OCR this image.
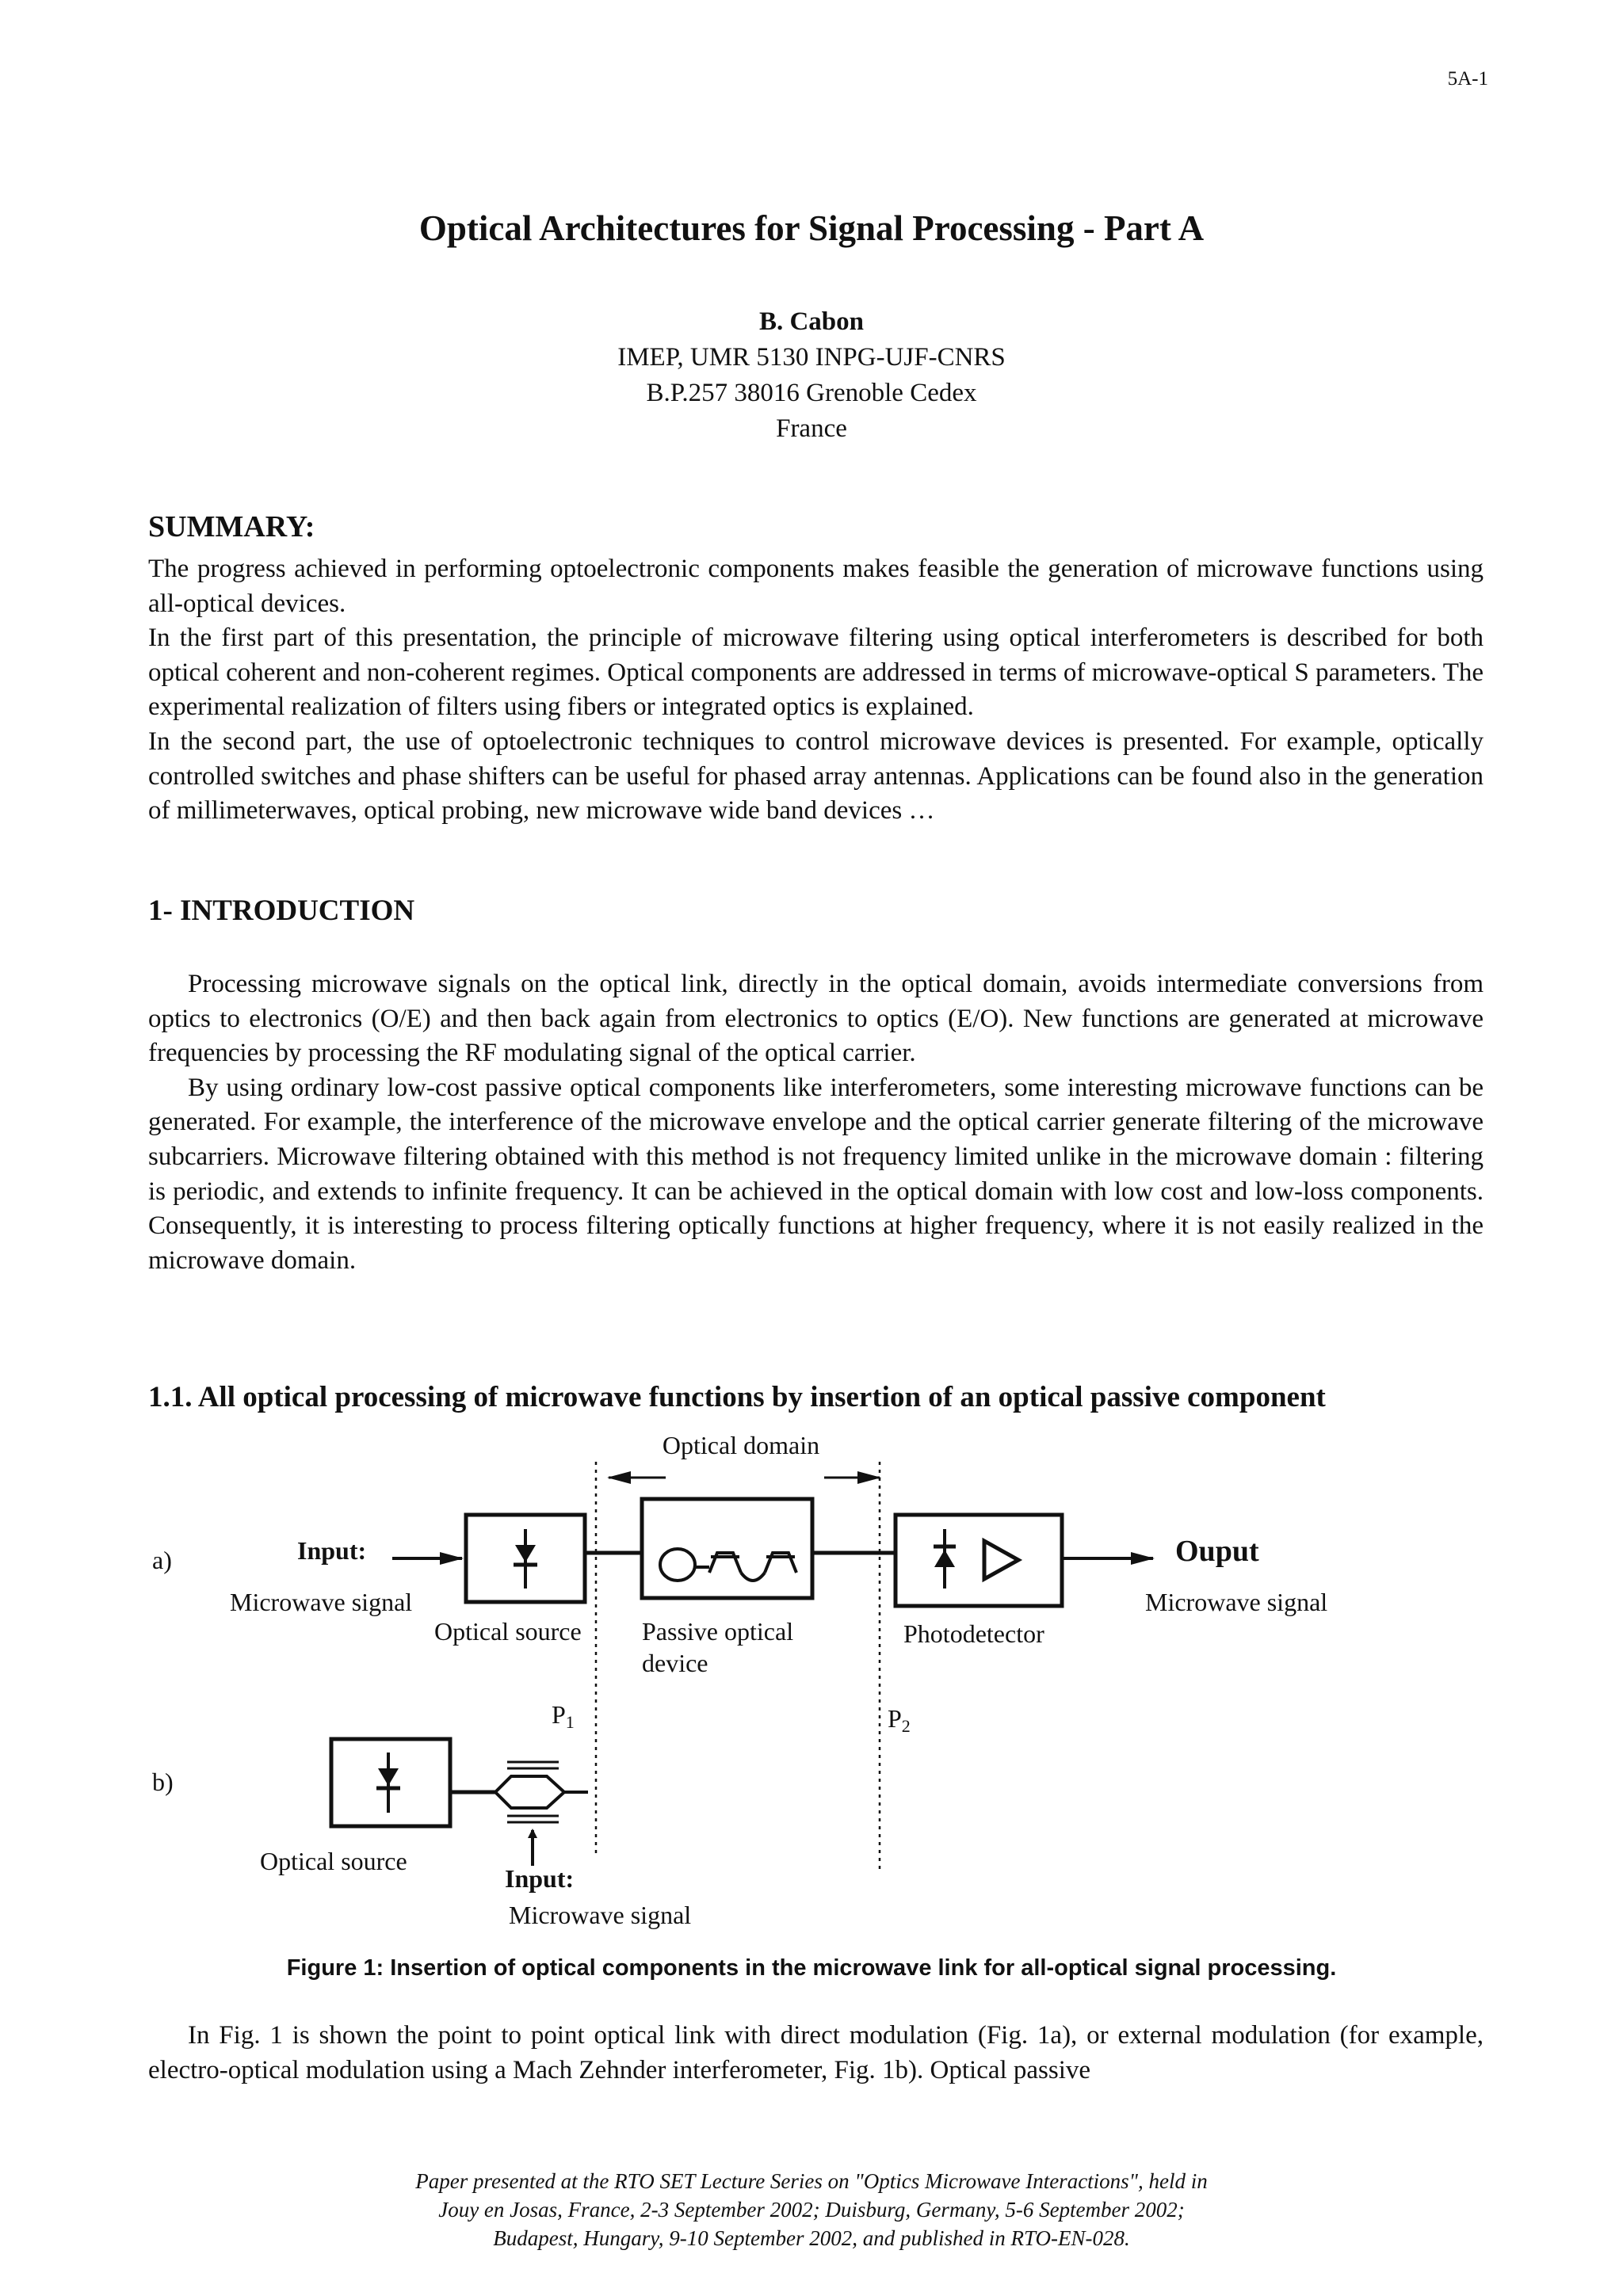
5A-1
Optical Architectures for Signal Processing - Part A
B. Cabon
IMEP, UMR 5130 INPG-UJF-CNRS
B.P.257 38016 Grenoble Cedex
France
SUMMARY:

The progress achieved in performing optoelectronic components makes feasible the generation of microwave functions using all-optical devices.

In the first part of this presentation, the principle of microwave filtering using optical interferometers is described for both optical coherent and non-coherent regimes. Optical components are addressed in terms of microwave-optical S parameters. The experimental realization of filters using fibers or integrated optics is explained.

In the second part, the use of optoelectronic techniques to control microwave devices is presented. For example, optically controlled switches and phase shifters can be useful for phased array antennas. Applications can be found also in the generation of millimeterwaves, optical probing, new microwave wide band devices …

1- INTRODUCTION

Processing microwave signals on the optical link, directly in the optical domain, avoids intermediate conversions from optics to electronics (O/E) and then back again from electronics to optics (E/O). New functions are generated at microwave frequencies by processing the RF modulating signal of the optical carrier.

By using ordinary low-cost passive optical components like interferometers, some interesting microwave functions can be generated. For example, the interference of the microwave envelope and the optical carrier generate filtering of the microwave subcarriers. Microwave filtering obtained with this method is not frequency limited unlike in the microwave domain : filtering is periodic, and extends to infinite frequency. It can be achieved in the optical domain with low cost and low-loss components. Consequently, it is interesting to process filtering optically functions at higher frequency, where it is not easily realized in the microwave domain.

1.1. All optical processing of microwave functions by insertion of an optical passive component
Optical domain
a)	Input:
Microwave signal
Optical source Passive optical
device
Photodetector
Ouput
Microwave signal
P1	P2
b)
Optical source
Input:
Microwave signal
Figure 1: Insertion of optical components in the microwave link for all-optical signal processing.

In Fig. 1 is shown the point to point optical link with direct modulation (Fig. 1a), or external modulation (for example, electro-optical modulation using a Mach Zehnder interferometer, Fig. 1b). Optical passive

Paper presented at the RTO SET Lecture Series on "Optics Microwave Interactions", held in
Jouy en Josas, France, 2-3 September 2002; Duisburg, Germany, 5-6 September 2002;
Budapest, Hungary, 9-10 September 2002, and published in RTO-EN-028.
